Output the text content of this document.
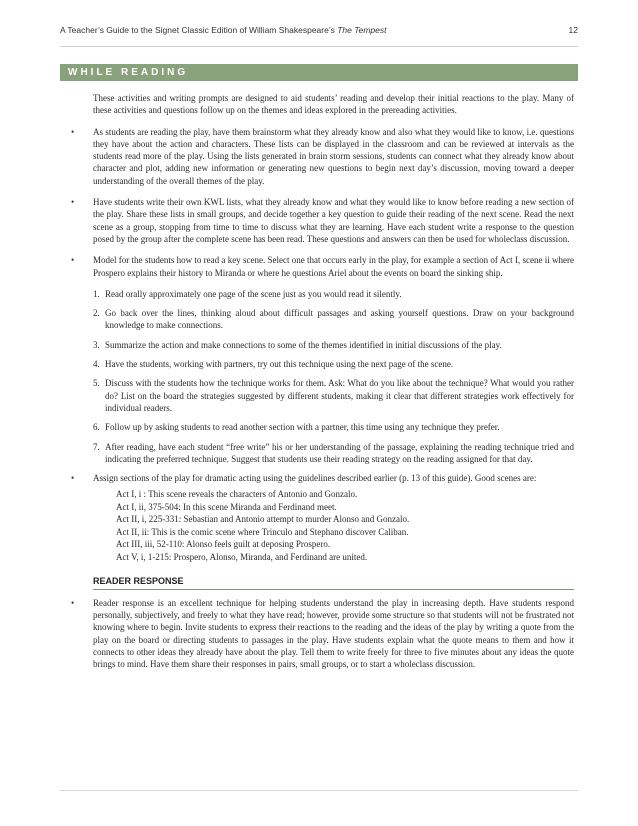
A Teacher’s Guide to the Signet Classic Edition of William Shakespeare’s The Tempest	12
WHILE READING

These activities and writing prompts are designed to aid students’ reading and develop their initial reactions to the play. Many of these activities and questions follow up on the themes and ideas explored in the prereading activities.

• As students are reading the play, have them brainstorm what they already know and also what they would like to know, i.e. questions they have about the action and characters. These lists can be displayed in the classroom and can be reviewed at intervals as the students read more of the play. Using the lists generated in brain storm sessions, students can connect what they already know about character and plot, adding new information or generating new questions to begin next day’s discussion, moving toward a deeper understanding of the overall themes of the play.

• Have students write their own KWL lists, what they already know and what they would like to know before reading a new section of the play. Share these lists in small groups, and decide together a key question to guide their reading of the next scene. Read the next scene as a group, stopping from time to time to discuss what they are learning. Have each student write a response to the question posed by the group after the complete scene has been read. These questions and answers can then be used for wholeclass discussion.

• Model for the students how to read a key scene. Select one that occurs early in the play, for example a section of Act I, scene ii where Prospero explains their history to Miranda or where he questions Ariel about the events on board the sinking ship.

1. Read orally approximately one page of the scene just as you would read it silently.

2. Go back over the lines, thinking aloud about difficult passages and asking yourself questions. Draw on your background knowledge to make connections.

3. Summarize the action and make connections to some of the themes identified in initial discussions of the play.

4. Have the students, working with partners, try out this technique using the next page of the scene.

5. Discuss with the students how the technique works for them. Ask: What do you like about the technique? What would you rather do? List on the board the strategies suggested by different students, making it clear that different strategies work effectively for individual readers.

6. Follow up by asking students to read another section with a partner, this time using any technique they prefer.

7. After reading, have each student “free write” his or her understanding of the passage, explaining the reading technique tried and indicating the preferred technique. Suggest that students use their reading strategy on the reading assigned for that day.

• Assign sections of the play for dramatic acting using the guidelines described earlier (p. 13 of this guide). Good scenes are:

Act I, i : This scene reveals the characters of Antonio and Gonzalo.
Act I, ii, 375-504: In this scene Miranda and Ferdinand meet.
Act II, i, 225-331: Sebastian and Antonio attempt to murder Alonso and Gonzalo.
Act II, ii: This is the comic scene where Trinculo and Stephano discover Caliban.
Act III, iii, 52-110: Alonso feels guilt at deposing Prospero.
Act V, i, 1-215: Prospero, Alonso, Miranda, and Ferdinand are united.
READER RESPONSE
• Reader response is an excellent technique for helping students understand the play in increasing depth. Have students respond personally, subjectively, and freely to what they have read; however, provide some structure so that students will not be frustrated not knowing where to begin. Invite students to express their reactions to the reading and the ideas of the play by writing a quote from the play on the board or directing students to passages in the play. Have students explain what the quote means to them and how it connects to other ideas they already have about the play. Tell them to write freely for three to five minutes about any ideas the quote brings to mind. Have them share their responses in pairs, small groups, or to start a wholeclass discussion.
